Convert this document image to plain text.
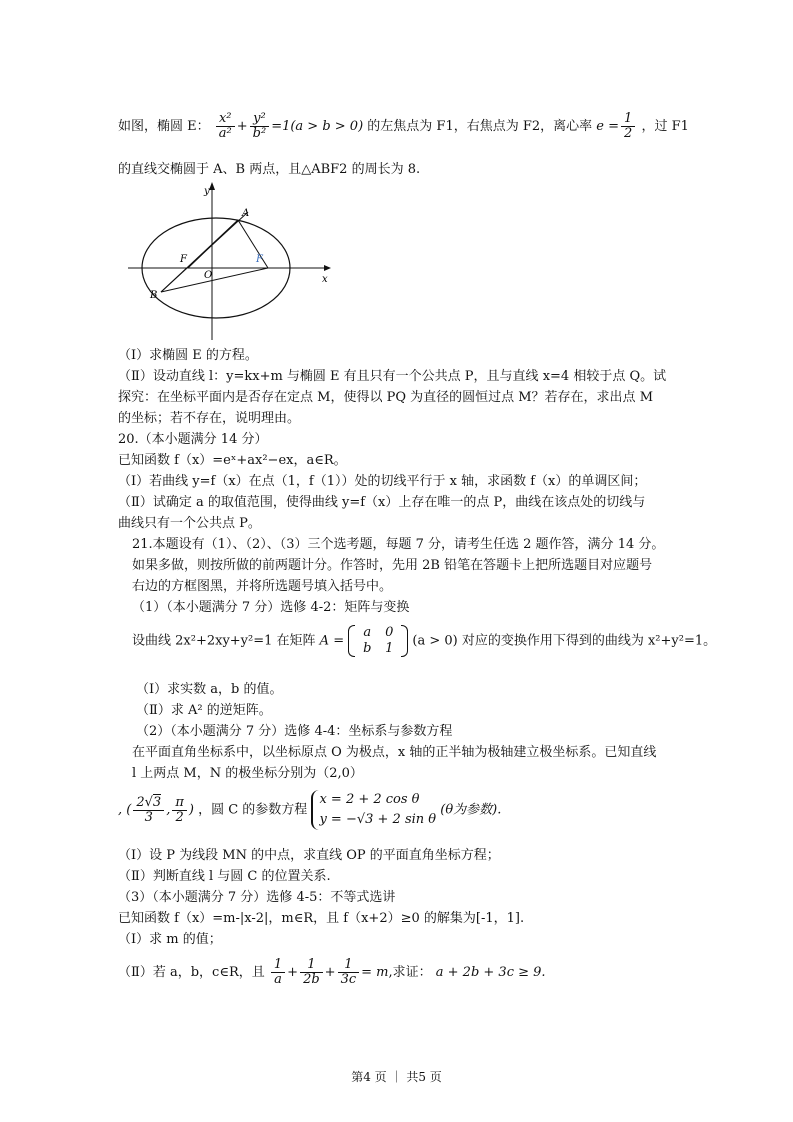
如图，椭圆 E： $\frac{\text{x²}}{\text{a²}} + \frac{\text{y²}}{\text{b²}} =1(a > b > 0)$ 的左焦点为 F1，右焦点为 F2，离心率 $e = \frac{1}{2}$ ，过 F1
的直线交椭圆于 A、B 两点，且△ABF2 的周长为 8.
y
x
O
A
B
F	F
（Ⅰ）求椭圆 E 的方程。
（Ⅱ）设动直线 l：y=kx+m 与椭圆 E 有且只有一个公共点 P，且与直线 x=4 相较于点 Q。试
探究：在坐标平面内是否存在定点 M，使得以 PQ 为直径的圆恒过点 M？若存在，求出点 M
的坐标；若不存在，说明理由。
20.（本小题满分 14 分）
已知函数 f（x）=eˣ+ax²−ex，a∈R。
（Ⅰ）若曲线 y=f（x）在点（1，f（1））处的切线平行于 x 轴，求函数 f（x）的单调区间；
（Ⅱ）试确定 a 的取值范围，使得曲线 y=f（x）上存在唯一的点 P，曲线在该点处的切线与
曲线只有一个公共点 P。
21.本题设有（1）、（2）、（3）三个选考题，每题 7 分，请考生任选 2 题作答，满分 14 分。
如果多做，则按所做的前两题计分。作答时，先用 2B 铅笔在答题卡上把所选题目对应题号
右边的方框图黑，并将所选题号填入括号中。
（1）（本小题满分 7 分）选修 4-2：矩阵与变换
设曲线 2x²+2xy+y²=1 在矩阵 A =
a 0
b 1	(a > 0) 对应的变换作用下得到的曲线为 x²+y²=1。
（Ⅰ）求实数 a，b 的值。
（Ⅱ）求 A² 的逆矩阵。
（2）（本小题满分 7 分）选修 4-4：坐标系与参数方程
在平面直角坐标系中，以坐标原点 O 为极点，x 轴的正半轴为极轴建立极坐标系。已知直线
l 上两点 M，N 的极坐标分别为（2,0）
, ( $\frac{2√3}{3}$ , $\frac{\pi}{2}$ ) ，圆 C 的参数方程
x = 2 + 2 cos θ
y = −√3 + 2 sin θ
(θ为参数).
（Ⅰ）设 P 为线段 MN 的中点，求直线 OP 的平面直角坐标方程；
（Ⅱ）判断直线 l 与圆 C 的位置关系.
（3）（本小题满分 7 分）选修 4-5：不等式选讲
已知函数 f（x）=m-|x-2|，m∈R，且 f（x+2）≥0 的解集为[-1，1].
（Ⅰ）求 m 的值；
（Ⅱ）若 a，b，c∈R，且 $\frac{1}{a} + \frac{1}{2b} + \frac{1}{3c} = m$,求证： a + 2b + 3c ≥ 9.
第4 页 ｜ 共5 页
